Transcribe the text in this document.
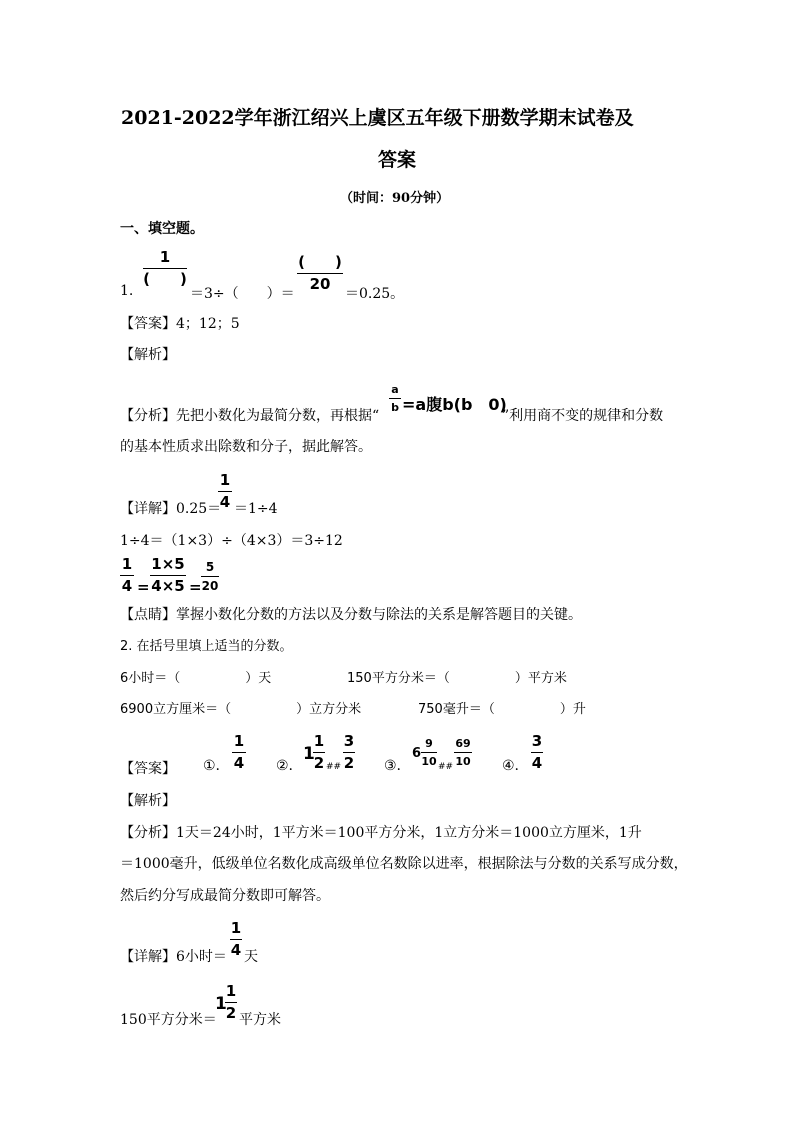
2021-2022学年浙江绍兴上虞区五年级下册数学期末试卷及
答案
（时间：90分钟）
一、填空题。
1.
1
(　　)
＝3÷（　　）＝
(　　)
20
＝0.25。
【答案】4；12；5
【解析】
【分析】先把小数化为最简分数，再根据“
a
b =a腹b(b　0)
”利用商不变的规律和分数
的基本性质求出除数和分子，据此解答。
【详解】0.25＝
1
4 ＝1÷4
1÷4＝（1×3）÷（4×3）＝3÷12
1
4 =
1×5
4×5 =
5
20
【点睛】掌握小数化分数的方法以及分数与除法的关系是解答题目的关键。
2. 在括号里填上适当的分数。
6小时＝（　　　　　）天	150平方分米＝（　　　　　）平方米
6900立方厘米＝（　　　　　）立方分米	750毫升＝（　　　　　）升
【答案】 ①.
1
4 ②.
1
1
2 ##
3
2 ③.
6
9
10 ##
69
10 ④.
3
4
【解析】
【分析】1天＝24小时，1平方米＝100平方分米，1立方分米＝1000立方厘米，1升
＝1000毫升，低级单位名数化成高级单位名数除以进率，根据除法与分数的关系写成分数，
然后约分写成最简分数即可解答。
【详解】6小时＝
1
4 天
150平方分米＝
1
1
2 平方米
